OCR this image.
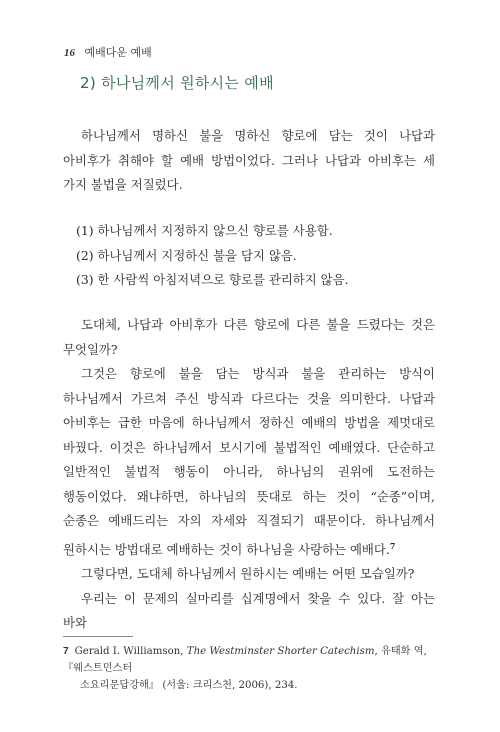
16 예배다운 예배
2) 하나님께서 원하시는 예배

하나님께서 명하신 불을 명하신 향로에 담는 것이 나답과 아비후가 취해야 할 예배 방법이었다. 그러나 나답과 아비후는 세 가지 불법을 저질렀다.

(1) 하나님께서 지정하지 않으신 향로를 사용함.
(2) 하나님께서 지정하신 불을 담지 않음.
(3) 한 사람씩 아침저녁으로 향로를 관리하지 않음.

도대체, 나답과 아비후가 다른 향로에 다른 불을 드렸다는 것은 무엇일까?

그것은 향로에 불을 담는 방식과 불을 관리하는 방식이 하나님께서 가르쳐 주신 방식과 다르다는 것을 의미한다. 나답과 아비후는 급한 마음에 하나님께서 정하신 예배의 방법을 제멋대로 바꿨다. 이것은 하나님께서 보시기에 불법적인 예배였다. 단순하고 일반적인 불법적 행동이 아니라, 하나님의 권위에 도전하는 행동이었다. 왜냐하면, 하나님의 뜻대로 하는 것이 “순종”이며, 순종은 예배드리는 자의 자세와 직결되기 때문이다. 하나님께서 원하시는 방법대로 예배하는 것이 하나님을 사랑하는 예배다.$^7$

그렇다면, 도대체 하나님께서 원하시는 예배는 어떤 모습일까?

우리는 이 문제의 실마리를 십계명에서 찾을 수 있다. 잘 아는 바와

7 Gerald I. Williamson, The Westminster Shorter Catechism, 유태화 역, 『웨스트민스터
소요리문답강해』 (서울: 크리스천, 2006), 234.
